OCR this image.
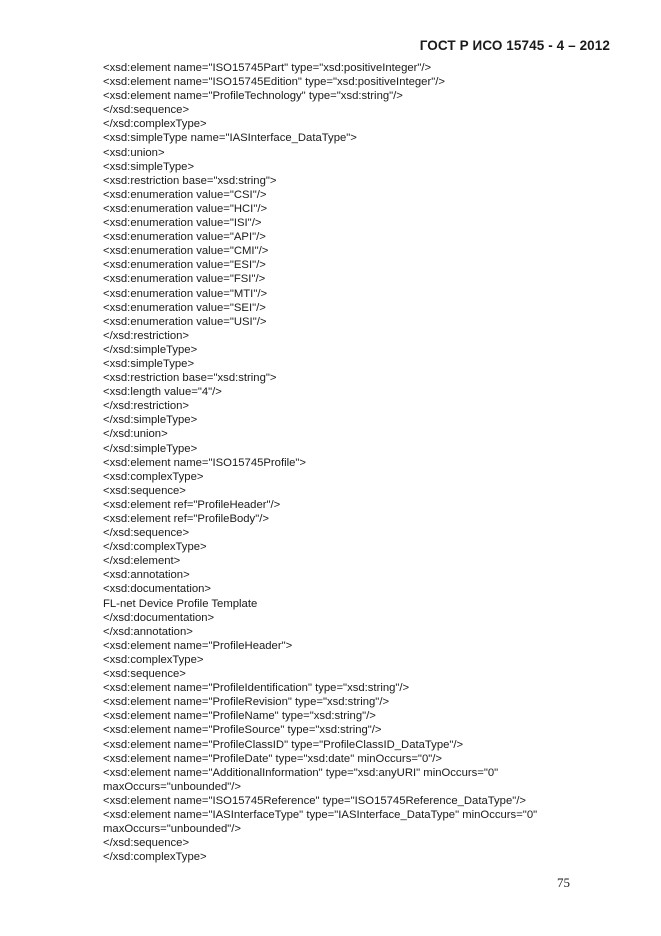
ГОСТ Р ИСО 15745 - 4 – 2012
<xsd:element name="ISO15745Part" type="xsd:positiveInteger"/>
<xsd:element name="ISO15745Edition" type="xsd:positiveInteger"/>
<xsd:element name="ProfileTechnology" type="xsd:string"/>
</xsd:sequence>
</xsd:complexType>
<xsd:simpleType name="IASInterface_DataType">
<xsd:union>
<xsd:simpleType>
<xsd:restriction base="xsd:string">
<xsd:enumeration value="CSI"/>
<xsd:enumeration value="HCI"/>
<xsd:enumeration value="ISI"/>
<xsd:enumeration value="API"/>
<xsd:enumeration value="CMI"/>
<xsd:enumeration value="ESI"/>
<xsd:enumeration value="FSI"/>
<xsd:enumeration value="MTI"/>
<xsd:enumeration value="SEI"/>
<xsd:enumeration value="USI"/>
</xsd:restriction>
</xsd:simpleType>
<xsd:simpleType>
<xsd:restriction base="xsd:string">
<xsd:length value="4"/>
</xsd:restriction>
</xsd:simpleType>
</xsd:union>
</xsd:simpleType>
<xsd:element name="ISO15745Profile">
<xsd:complexType>
<xsd:sequence>
<xsd:element ref="ProfileHeader"/>
<xsd:element ref="ProfileBody"/>
</xsd:sequence>
</xsd:complexType>
</xsd:element>
<xsd:annotation>
<xsd:documentation>
FL-net Device Profile Template
</xsd:documentation>
</xsd:annotation>
<xsd:element name="ProfileHeader">
<xsd:complexType>
<xsd:sequence>
<xsd:element name="ProfileIdentification" type="xsd:string"/>
<xsd:element name="ProfileRevision" type="xsd:string"/>
<xsd:element name="ProfileName" type="xsd:string"/>
<xsd:element name="ProfileSource" type="xsd:string"/>
<xsd:element name="ProfileClassID" type="ProfileClassID_DataType"/>
<xsd:element name="ProfileDate" type="xsd:date" minOccurs="0"/>
<xsd:element name="AdditionalInformation" type="xsd:anyURI" minOccurs="0"
maxOccurs="unbounded"/>
<xsd:element name="ISO15745Reference" type="ISO15745Reference_DataType"/>
<xsd:element name="IASInterfaceType" type="IASInterface_DataType" minOccurs="0"
maxOccurs="unbounded"/>
</xsd:sequence>
</xsd:complexType>
75
